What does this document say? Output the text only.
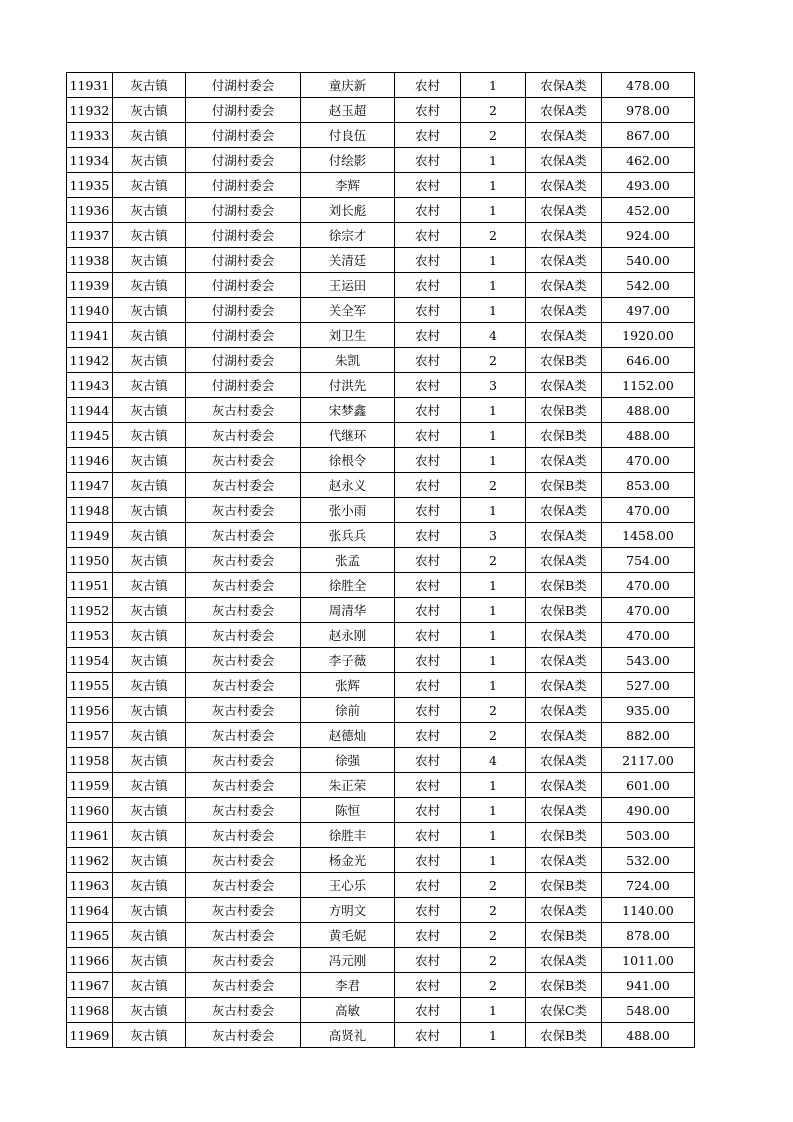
11931	灰古镇	付湖村委会	童庆新	农村	1	农保A类	478.00
11932	灰古镇	付湖村委会	赵玉超	农村	2	农保A类	978.00
11933	灰古镇	付湖村委会	付良伍	农村	2	农保A类	867.00
11934	灰古镇	付湖村委会	付绘影	农村	1	农保A类	462.00
11935	灰古镇	付湖村委会	李辉	农村	1	农保A类	493.00
11936	灰古镇	付湖村委会	刘长彪	农村	1	农保A类	452.00
11937	灰古镇	付湖村委会	徐宗才	农村	2	农保A类	924.00
11938	灰古镇	付湖村委会	关清廷	农村	1	农保A类	540.00
11939	灰古镇	付湖村委会	王运田	农村	1	农保A类	542.00
11940	灰古镇	付湖村委会	关全军	农村	1	农保A类	497.00
11941	灰古镇	付湖村委会	刘卫生	农村	4	农保A类	1920.00
11942	灰古镇	付湖村委会	朱凯	农村	2	农保B类	646.00
11943	灰古镇	付湖村委会	付洪先	农村	3	农保A类	1152.00
11944	灰古镇	灰古村委会	宋梦鑫	农村	1	农保B类	488.00
11945	灰古镇	灰古村委会	代继环	农村	1	农保B类	488.00
11946	灰古镇	灰古村委会	徐根令	农村	1	农保A类	470.00
11947	灰古镇	灰古村委会	赵永义	农村	2	农保B类	853.00
11948	灰古镇	灰古村委会	张小雨	农村	1	农保A类	470.00
11949	灰古镇	灰古村委会	张兵兵	农村	3	农保A类	1458.00
11950	灰古镇	灰古村委会	张孟	农村	2	农保A类	754.00
11951	灰古镇	灰古村委会	徐胜全	农村	1	农保B类	470.00
11952	灰古镇	灰古村委会	周清华	农村	1	农保B类	470.00
11953	灰古镇	灰古村委会	赵永刚	农村	1	农保A类	470.00
11954	灰古镇	灰古村委会	李子薇	农村	1	农保A类	543.00
11955	灰古镇	灰古村委会	张辉	农村	1	农保A类	527.00
11956	灰古镇	灰古村委会	徐前	农村	2	农保A类	935.00
11957	灰古镇	灰古村委会	赵德灿	农村	2	农保A类	882.00
11958	灰古镇	灰古村委会	徐强	农村	4	农保A类	2117.00
11959	灰古镇	灰古村委会	朱正荣	农村	1	农保A类	601.00
11960	灰古镇	灰古村委会	陈恒	农村	1	农保A类	490.00
11961	灰古镇	灰古村委会	徐胜丰	农村	1	农保B类	503.00
11962	灰古镇	灰古村委会	杨金光	农村	1	农保A类	532.00
11963	灰古镇	灰古村委会	王心乐	农村	2	农保B类	724.00
11964	灰古镇	灰古村委会	方明文	农村	2	农保A类	1140.00
11965	灰古镇	灰古村委会	黄毛妮	农村	2	农保B类	878.00
11966	灰古镇	灰古村委会	冯元刚	农村	2	农保A类	1011.00
11967	灰古镇	灰古村委会	李君	农村	2	农保B类	941.00
11968	灰古镇	灰古村委会	高敏	农村	1	农保C类	548.00
11969	灰古镇	灰古村委会	高贤礼	农村	1	农保B类	488.00
